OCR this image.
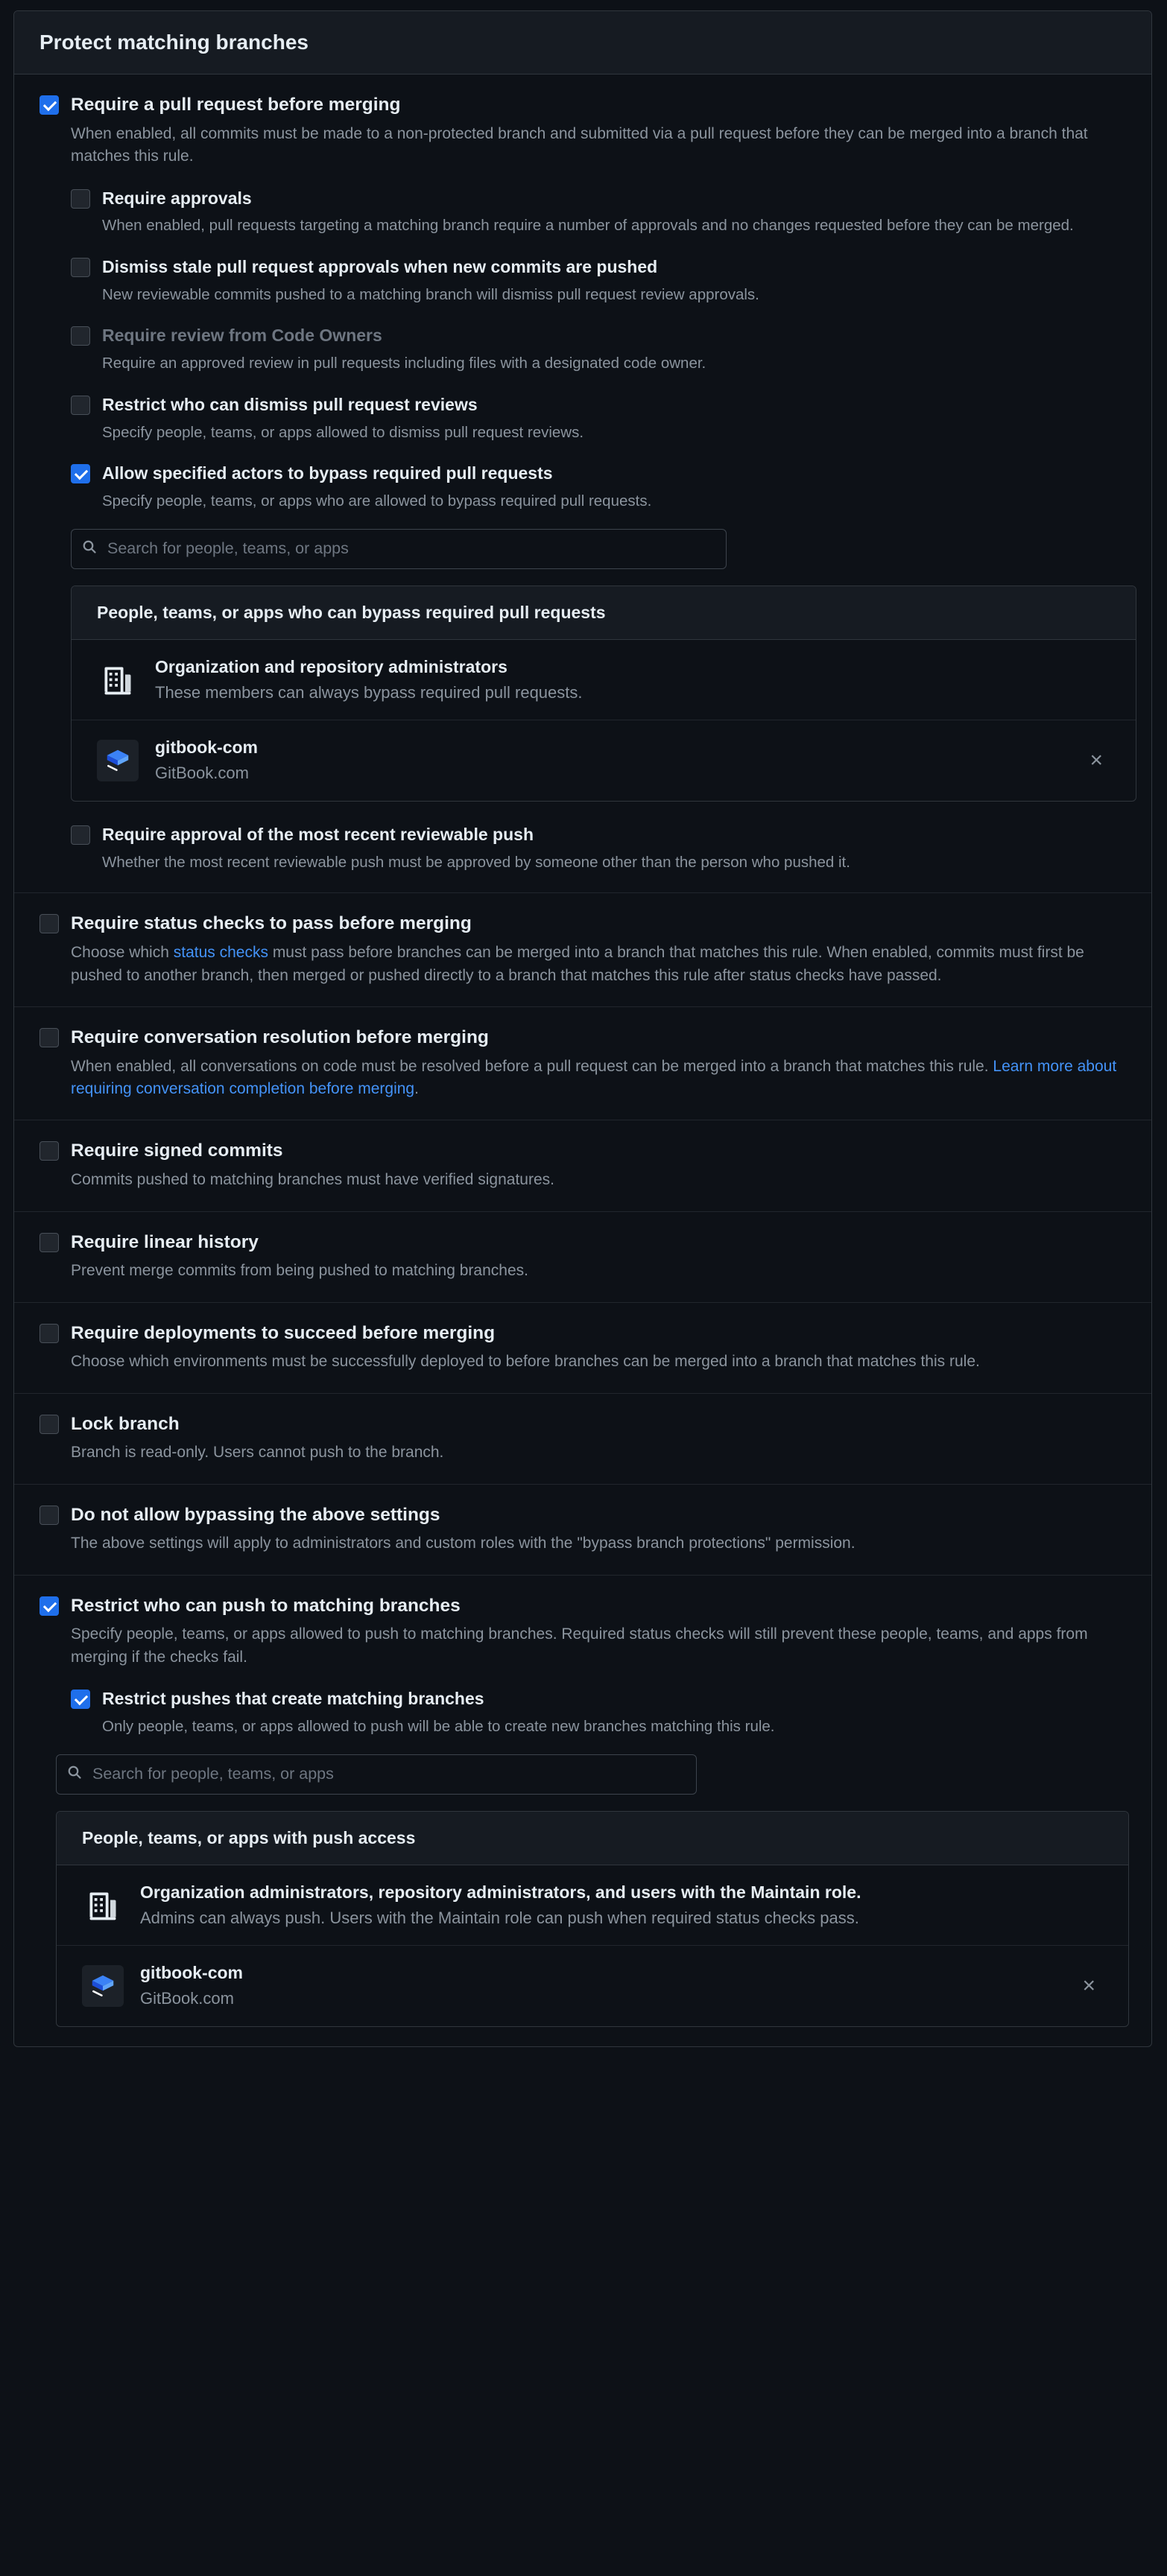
Protect matching branches
Require a pull request before merging
When enabled, all commits must be made to a non-protected branch and submitted via a pull request before they can be merged into a branch that matches this rule.
Require approvals
When enabled, pull requests targeting a matching branch require a number of approvals and no changes requested before they can be merged.
Dismiss stale pull request approvals when new commits are pushed
New reviewable commits pushed to a matching branch will dismiss pull request review approvals.
Require review from Code Owners
Require an approved review in pull requests including files with a designated code owner.
Restrict who can dismiss pull request reviews
Specify people, teams, or apps allowed to dismiss pull request reviews.
Allow specified actors to bypass required pull requests
Specify people, teams, or apps who are allowed to bypass required pull requests.
Search for people, teams, or apps
People, teams, or apps who can bypass required pull requests
Organization and repository administrators
These members can always bypass required pull requests.
gitbook-com
GitBook.com
×
Require approval of the most recent reviewable push
Whether the most recent reviewable push must be approved by someone other than the person who pushed it.
Require status checks to pass before merging
Choose which status checks must pass before branches can be merged into a branch that matches this rule. When enabled, commits must first be pushed to another branch, then merged or pushed directly to a branch that matches this rule after status checks have passed.
Require conversation resolution before merging
When enabled, all conversations on code must be resolved before a pull request can be merged into a branch that matches this rule. Learn more about requiring conversation completion before merging.
Require signed commits
Commits pushed to matching branches must have verified signatures.
Require linear history
Prevent merge commits from being pushed to matching branches.
Require deployments to succeed before merging
Choose which environments must be successfully deployed to before branches can be merged into a branch that matches this rule.
Lock branch
Branch is read-only. Users cannot push to the branch.
Do not allow bypassing the above settings
The above settings will apply to administrators and custom roles with the "bypass branch protections" permission.
Restrict who can push to matching branches
Specify people, teams, or apps allowed to push to matching branches. Required status checks will still prevent these people, teams, and apps from merging if the checks fail.
Restrict pushes that create matching branches
Only people, teams, or apps allowed to push will be able to create new branches matching this rule.
Search for people, teams, or apps
People, teams, or apps with push access
Organization administrators, repository administrators, and users with the Maintain role.
Admins can always push. Users with the Maintain role can push when required status checks pass.
gitbook-com
GitBook.com
×
